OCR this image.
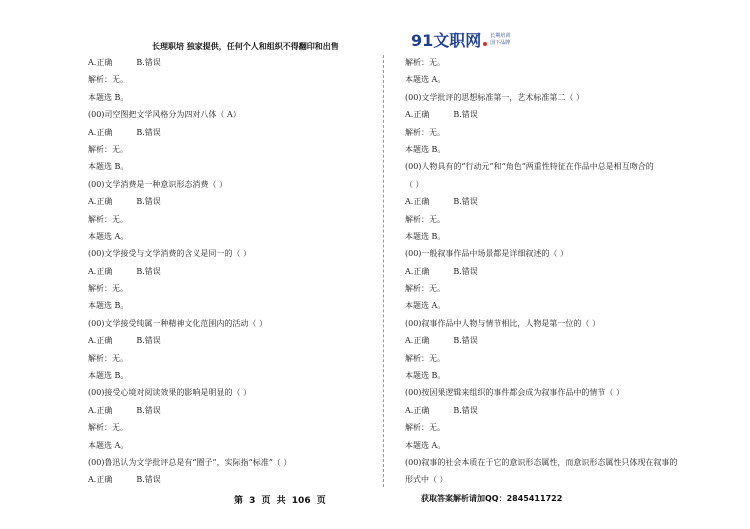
长理职培 独家提供，任何个人和组织不得翻印和出售	91文职网 长期培训
国下品牌
A.正确	B.错误
解析：无。
本题选 B。
(00)司空图把文学风格分为四对八体（ A）
A.正确	B.错误
解析：无。
本题选 B。
(00)文学消费是一种意识形态消费（ ）
A.正确	B.错误
解析：无。
本题选 A。
(00)文学接受与文学消费的含义是同一的（ ）
A.正确	B.错误
解析：无。
本题选 B。
(00)文学接受纯属一种精神文化范围内的活动（ ）
A.正确	B.错误
解析：无。
本题选 B。
(00)接受心境对阅读效果的影响是明显的（ ）
A.正确	B.错误
解析：无。
本题选 A。
(00)鲁迅认为文学批评总是有“圈子”，实际指“标准”（ ）
A.正确	B.错误
解析：无。
本题选 A。
(00)文学批评的思想标准第一，艺术标准第二（ ）
A.正确	B.错误
解析：无。
本题选 B。
(00)人物具有的“行动元”和“角色”两重性特征在作品中总是相互吻合的
（ ）
A.正确	B.错误
解析：无。
本题选 B。
(00)一般叙事作品中场景都是详细叙述的（ ）
A.正确	B.错误
解析：无。
本题选 A。
(00)叙事作品中人物与情节相比，人物是第一位的（ ）
A.正确	B.错误
解析：无。
本题选 B。
(00)按因果逻辑来组织的事件都会成为叙事作品中的情节（ ）
A.正确	B.错误
解析：无。
本题选 A。
(00)叙事的社会本质在于它的意识形态属性，而意识形态属性只体现在叙事的
形式中（ ）
第 3 页 共 106 页	获取答案解析请加QQ：2845411722
